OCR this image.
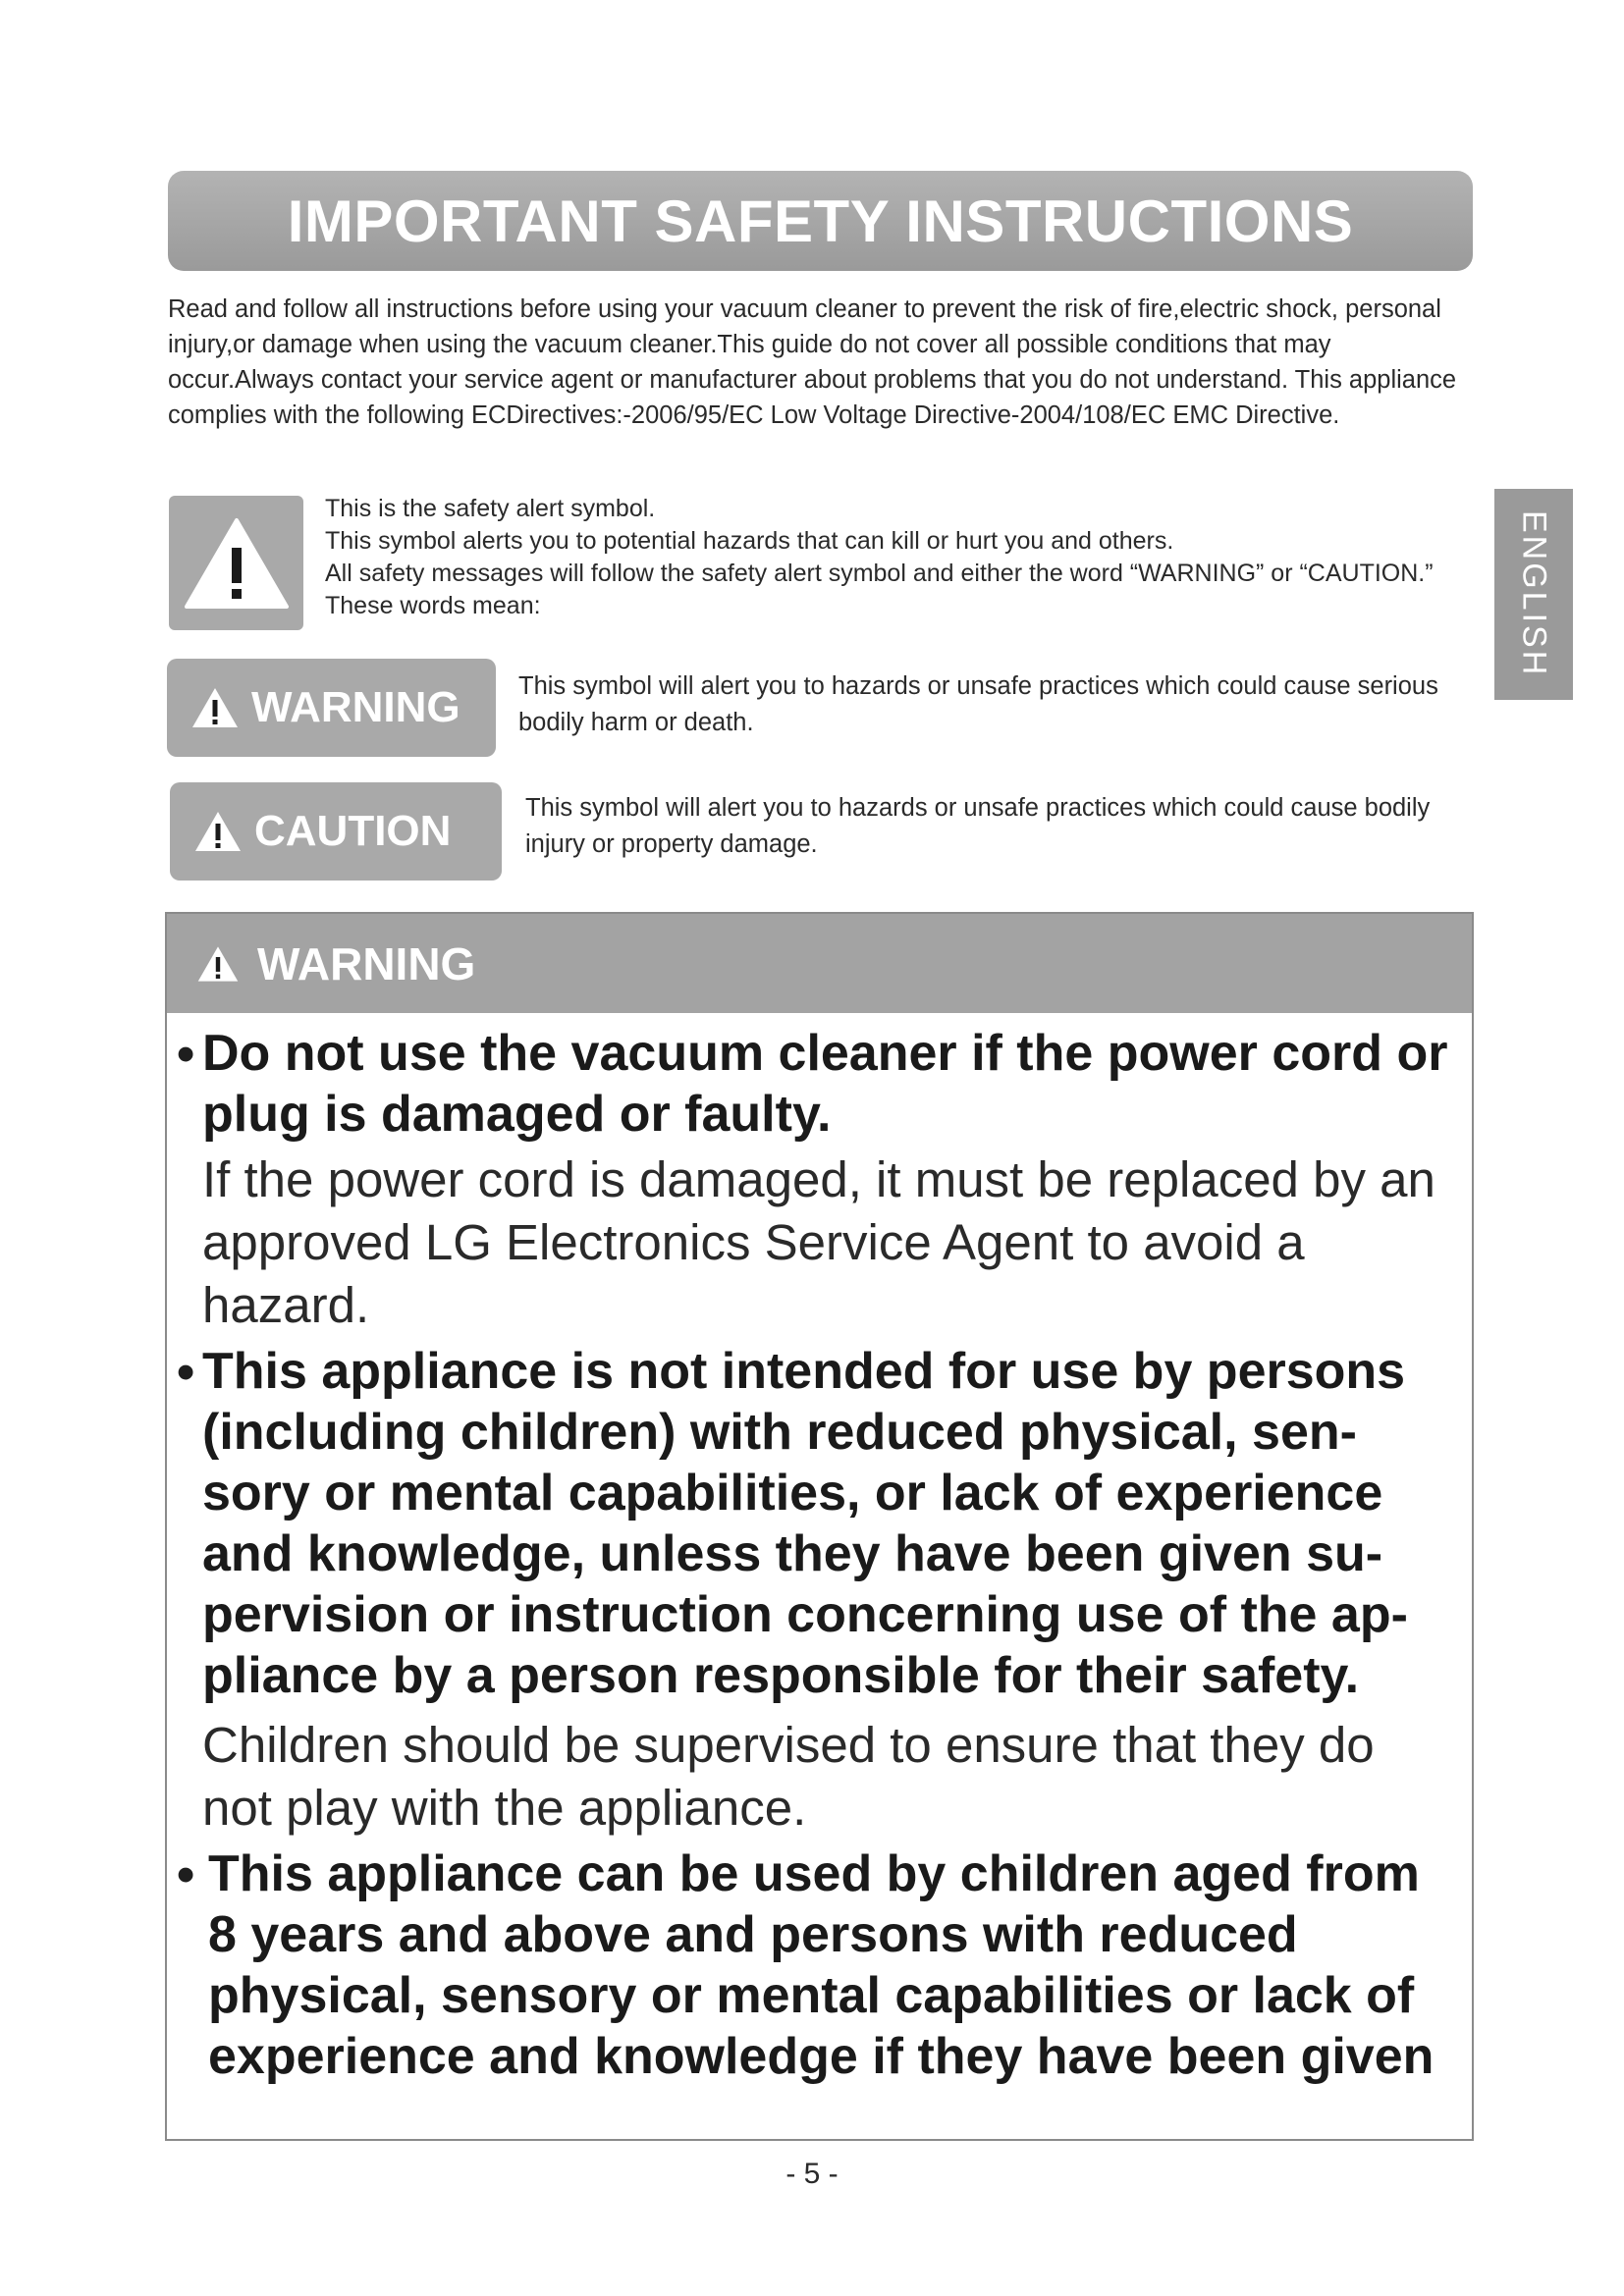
IMPORTANT SAFETY INSTRUCTIONS

Read and follow all instructions before using your vacuum cleaner to prevent the risk of fire,electric shock, personal injury,or damage when using the vacuum cleaner.This guide do not cover all possible conditions that may occur.Always contact your service agent or manufacturer about problems that you do not understand. This appliance complies with the following ECDirectives:-2006/95/EC Low Voltage Directive-2004/108/EC EMC Directive.

This is the safety alert symbol.

This symbol alerts you to potential hazards that can kill or hurt you and others.

All safety messages will follow the safety alert symbol and either the word “WARNING” or “CAUTION.” These words mean:

WARNING This symbol will alert you to hazards or unsafe practices which could cause serious bodily harm or death.

CAUTION	This symbol will alert you to hazards or unsafe practices which could cause bodily injury or property damage.

ENGLISH
WARNING
• Do not use the vacuum cleaner if the power cord or plug is damaged or faulty.

If the power cord is damaged, it must be replaced by an approved LG Electronics Service Agent to avoid a hazard.

• This appliance is not intended for use by persons (including children) with reduced physical, sen-sory or mental capabilities, or lack of experience and knowledge, unless they have been given su-pervision or instruction concerning use of the ap-pliance by a person responsible for their safety.

Children should be supervised to ensure that they do not play with the appliance.

• This appliance can be used by children aged from 8 years and above and persons with reduced physical, sensory or mental capabilities or lack of experience and knowledge if they have been given

- 5 -
